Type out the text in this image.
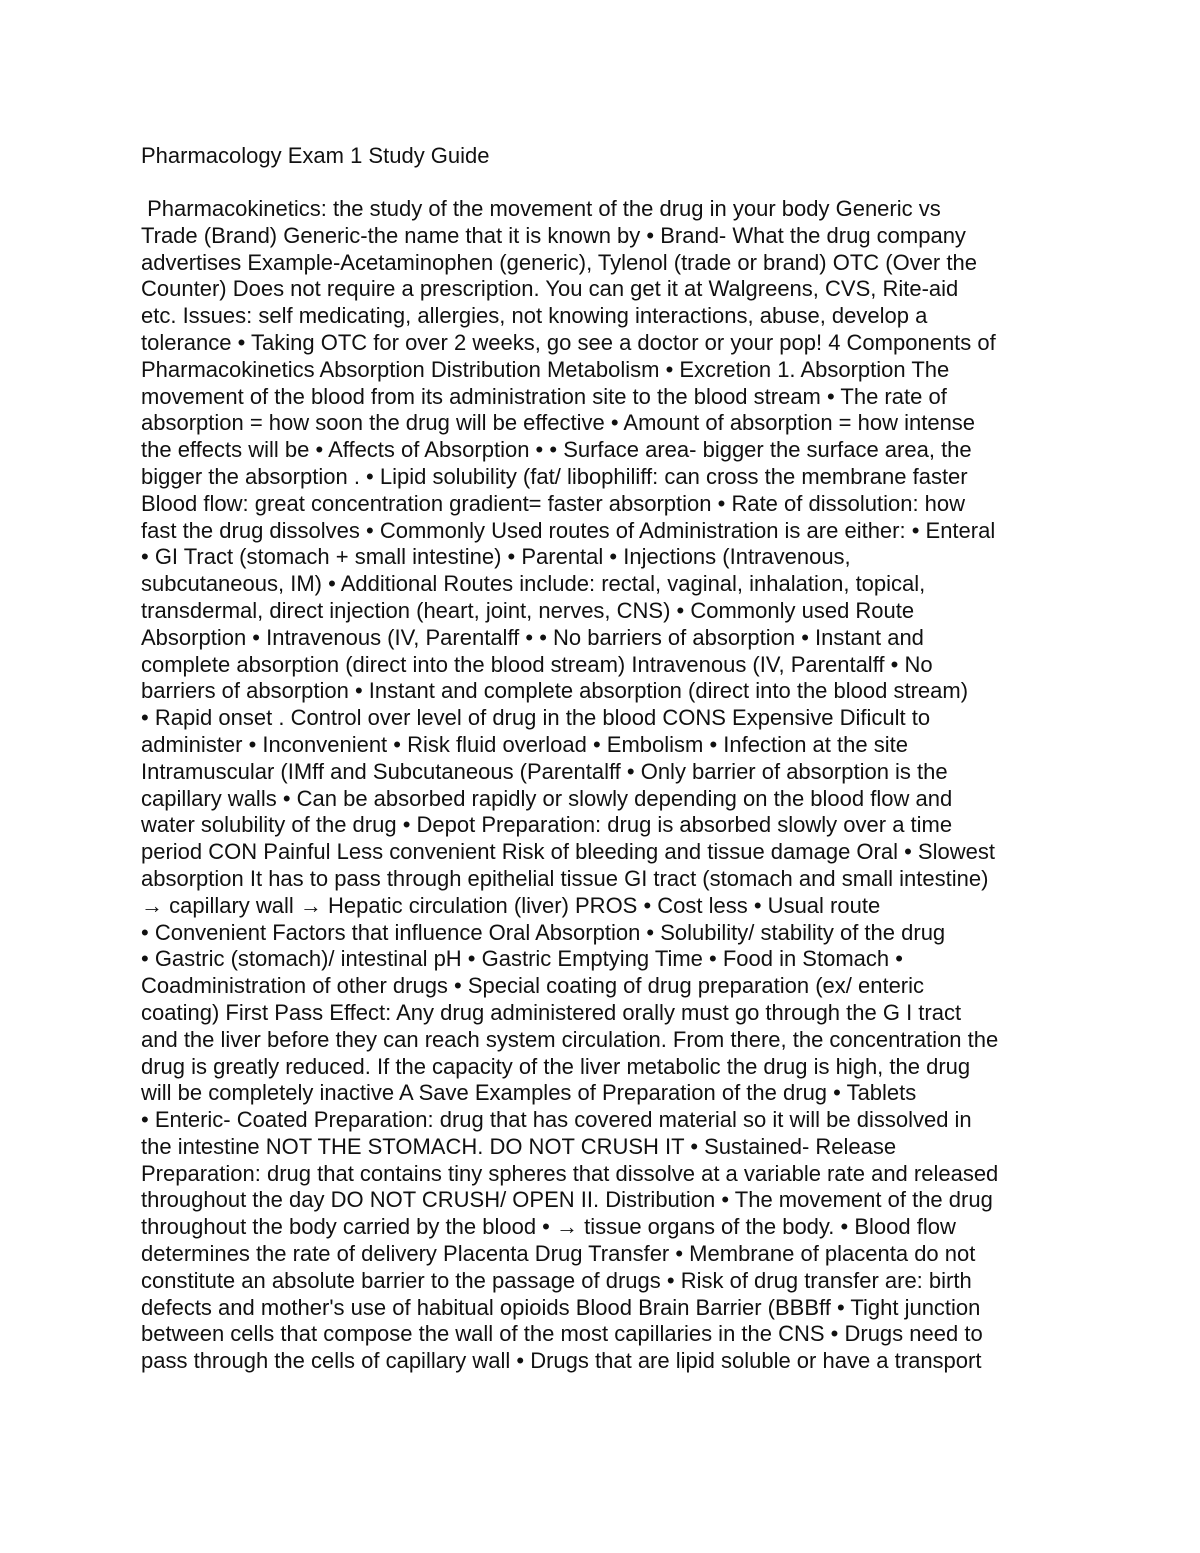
Pharmacology Exam 1 Study Guide
Pharmacokinetics: the study of the movement of the drug in your body Generic vs
Trade (Brand) Generic-the name that it is known by • Brand- What the drug company
advertises Example-Acetaminophen (generic), Tylenol (trade or brand) OTC (Over the
Counter) Does not require a prescription. You can get it at Walgreens, CVS, Rite-aid
etc. Issues: self medicating, allergies, not knowing interactions, abuse, develop a
tolerance • Taking OTC for over 2 weeks, go see a doctor or your pop! 4 Components of
Pharmacokinetics Absorption Distribution Metabolism • Excretion 1. Absorption The
movement of the blood from its administration site to the blood stream • The rate of
absorption = how soon the drug will be effective • Amount of absorption = how intense
the effects will be • Affects of Absorption • • Surface area- bigger the surface area, the
bigger the absorption . • Lipid solubility (fat/ libophiliff: can cross the membrane faster
Blood flow: great concentration gradient= faster absorption • Rate of dissolution: how
fast the drug dissolves • Commonly Used routes of Administration is are either: • Enteral
• GI Tract (stomach + small intestine) • Parental • Injections (Intravenous,
subcutaneous, IM) • Additional Routes include: rectal, vaginal, inhalation, topical,
transdermal, direct injection (heart, joint, nerves, CNS) • Commonly used Route
Absorption • Intravenous (IV, Parentalff • • No barriers of absorption • Instant and
complete absorption (direct into the blood stream) Intravenous (IV, Parentalff • No
barriers of absorption • Instant and complete absorption (direct into the blood stream)
• Rapid onset . Control over level of drug in the blood CONS Expensive Dificult to
administer • Inconvenient • Risk fluid overload • Embolism • Infection at the site
Intramuscular (IMff and Subcutaneous (Parentalff • Only barrier of absorption is the
capillary walls • Can be absorbed rapidly or slowly depending on the blood flow and
water solubility of the drug • Depot Preparation: drug is absorbed slowly over a time
period CON Painful Less convenient Risk of bleeding and tissue damage Oral • Slowest
absorption It has to pass through epithelial tissue GI tract (stomach and small intestine)
→ capillary wall → Hepatic circulation (liver) PROS • Cost less • Usual route
• Convenient Factors that influence Oral Absorption • Solubility/ stability of the drug
• Gastric (stomach)/ intestinal pH • Gastric Emptying Time • Food in Stomach •
Coadministration of other drugs • Special coating of drug preparation (ex/ enteric
coating) First Pass Effect: Any drug administered orally must go through the G I tract
and the liver before they can reach system circulation. From there, the concentration the
drug is greatly reduced. If the capacity of the liver metabolic the drug is high, the drug
will be completely inactive A Save Examples of Preparation of the drug • Tablets
• Enteric- Coated Preparation: drug that has covered material so it will be dissolved in
the intestine NOT THE STOMACH. DO NOT CRUSH IT • Sustained- Release
Preparation: drug that contains tiny spheres that dissolve at a variable rate and released
throughout the day DO NOT CRUSH/ OPEN II. Distribution • The movement of the drug
throughout the body carried by the blood • → tissue organs of the body. • Blood flow
determines the rate of delivery Placenta Drug Transfer • Membrane of placenta do not
constitute an absolute barrier to the passage of drugs • Risk of drug transfer are: birth
defects and mother's use of habitual opioids Blood Brain Barrier (BBBff • Tight junction
between cells that compose the wall of the most capillaries in the CNS • Drugs need to
pass through the cells of capillary wall • Drugs that are lipid soluble or have a transport
